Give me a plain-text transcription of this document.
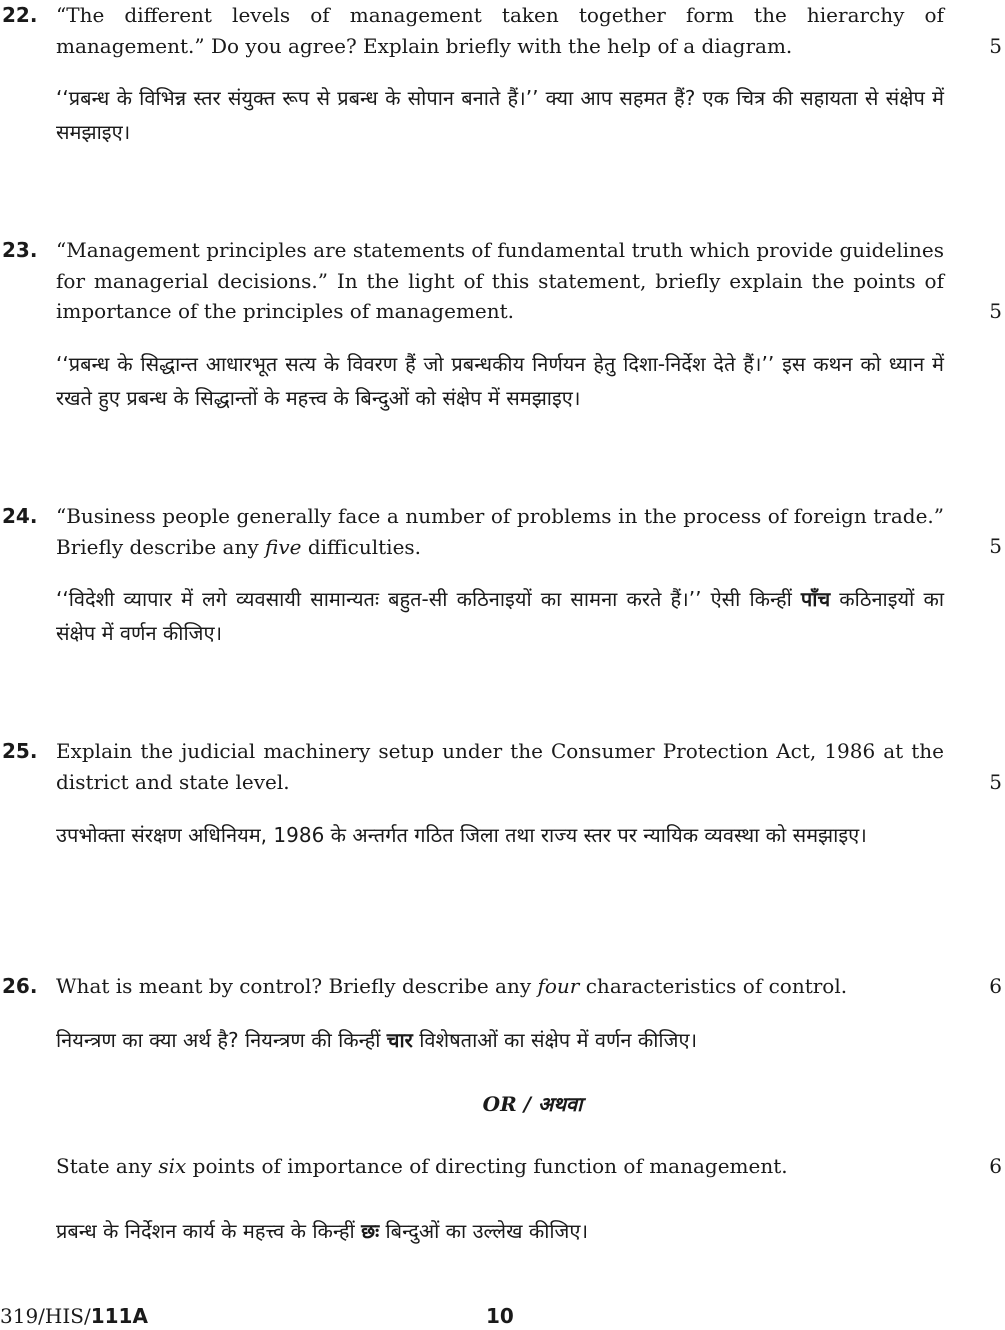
22. “The different levels of management taken together form the hierarchy of management.” Do you agree? Explain briefly with the help of a diagram.	5
‘‘प्रबन्ध के विभिन्न स्तर संयुक्त रूप से प्रबन्ध के सोपान बनाते हैं।’’ क्या आप सहमत हैं? एक चित्र की सहायता से संक्षेप में समझाइए।
23. “Management principles are statements of fundamental truth which provide guidelines for managerial decisions.” In the light of this statement, briefly explain the points of importance of the principles of management.	5
‘‘प्रबन्ध के सिद्धान्त आधारभूत सत्य के विवरण हैं जो प्रबन्धकीय निर्णयन हेतु दिशा-निर्देश देते हैं।’’ इस कथन को ध्यान में रखते हुए प्रबन्ध के सिद्धान्तों के महत्त्व के बिन्दुओं को संक्षेप में समझाइए।
24. “Business people generally face a number of problems in the process of foreign trade.” Briefly describe any five difficulties.	5
‘‘विदेशी व्यापार में लगे व्यवसायी सामान्यतः बहुत-सी कठिनाइयों का सामना करते हैं।’’ ऐसी किन्हीं पाँच कठिनाइयों का संक्षेप में वर्णन कीजिए।
25. Explain the judicial machinery setup under the Consumer Protection Act, 1986 at the district and state level.	5
उपभोक्ता संरक्षण अधिनियम, 1986 के अन्तर्गत गठित जिला तथा राज्य स्तर पर न्यायिक व्यवस्था को समझाइए।
26. What is meant by control? Briefly describe any four characteristics of control.	6
नियन्त्रण का क्या अर्थ है? नियन्त्रण की किन्हीं चार विशेषताओं का संक्षेप में वर्णन कीजिए।
OR / अथवा
State any six points of importance of directing function of management.	6
प्रबन्ध के निर्देशन कार्य के महत्त्व के किन्हीं छः बिन्दुओं का उल्लेख कीजिए।
319/HIS/111A	10
